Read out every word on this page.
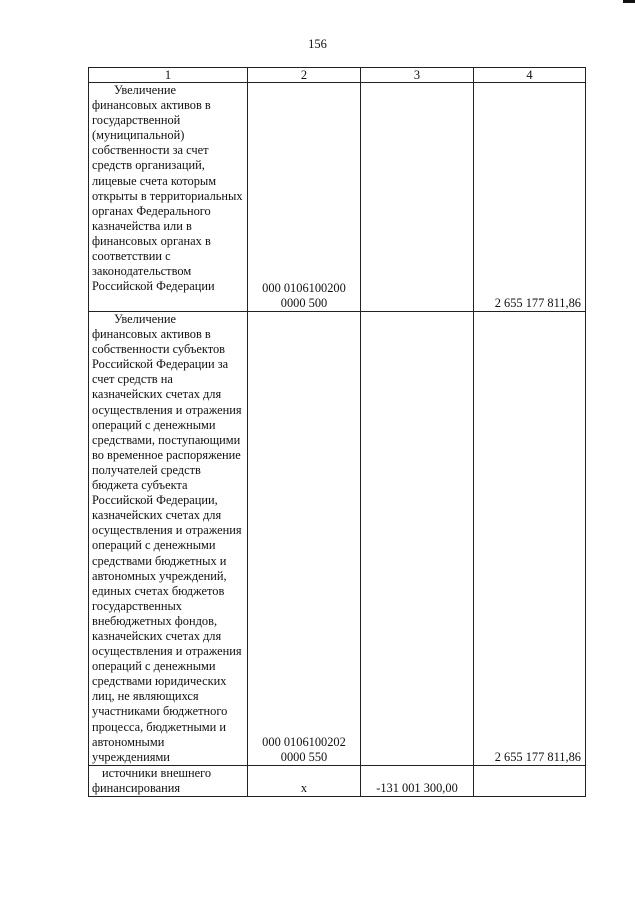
156
1	2	3	4

Увеличение финансовых активов в государственной (муниципальной) собственности за счет средств организаций, лицевые счета которым открыты в территориальных органах Федерального казначейства или в финансовых органах в соответствии с законодательством Российской Федерации	000 0106100200 0000 500		2 655 177 811,86

Увеличение финансовых активов в собственности субъектов Российской Федерации за счет средств на казначейских счетах для осуществления и отражения операций с денежными средствами, поступающими во временное распоряжение получателей средств бюджета субъекта Российской Федерации, казначейских счетах для осуществления и отражения операций с денежными средствами бюджетных и автономных учреждений, единых счетах бюджетов государственных внебюджетных фондов, казначейских счетах для осуществления и отражения операций с денежными средствами юридических лиц, не являющихся участниками бюджетного процесса, бюджетными и автономными учреждениями	000 0106100202 0000 550		2 655 177 811,86

источники внешнего финансирования	x	-131 001 300,00	
